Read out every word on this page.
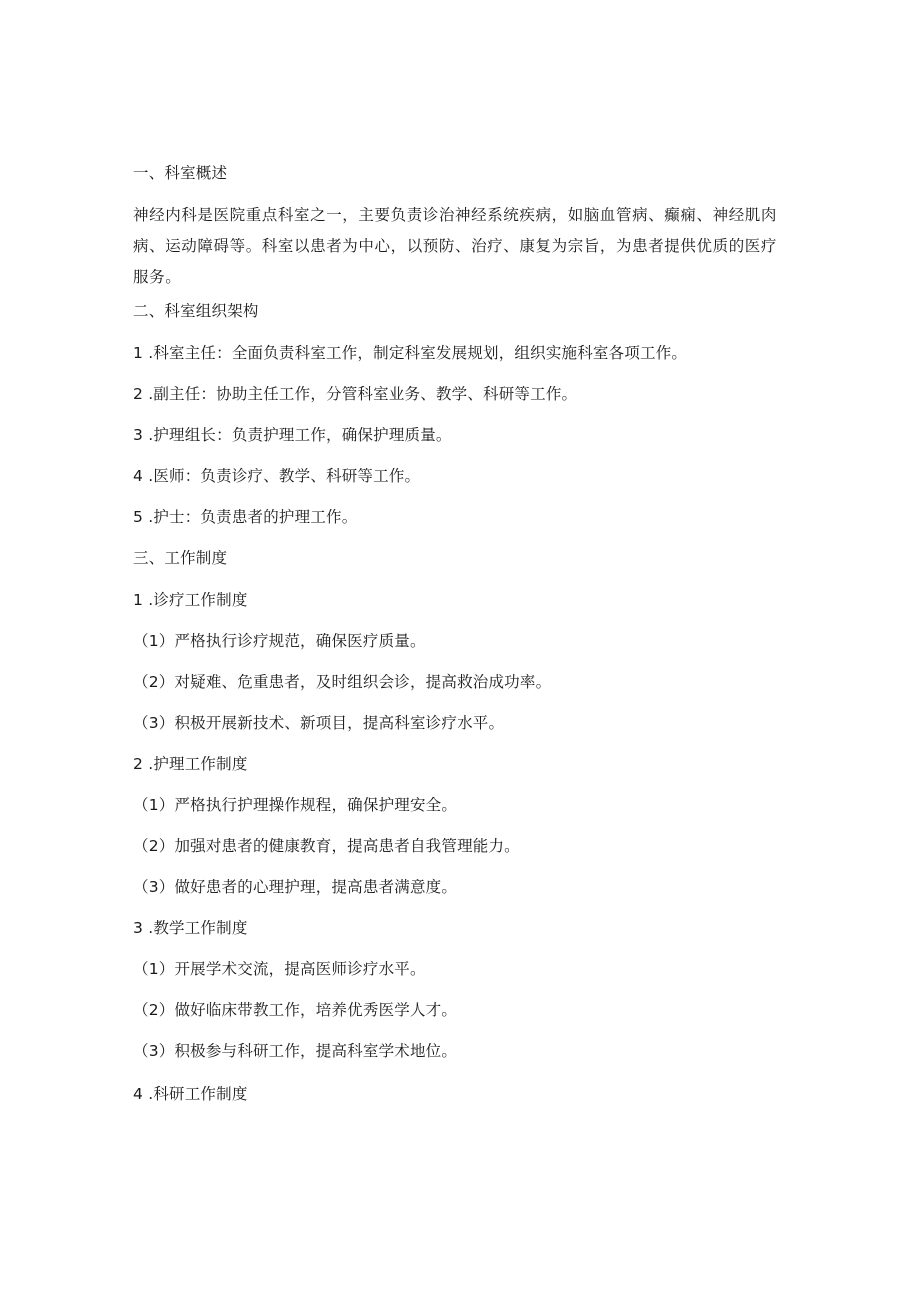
一、科室概述
神经内科是医院重点科室之一，主要负责诊治神经系统疾病，如脑血管病、癫痫、神经肌肉病、运动障碍等。科室以患者为中心，以预防、治疗、康复为宗旨，为患者提供优质的医疗服务。
二、科室组织架构
1 .科室主任：全面负责科室工作，制定科室发展规划，组织实施科室各项工作。
2 .副主任：协助主任工作，分管科室业务、教学、科研等工作。
3 .护理组长：负责护理工作，确保护理质量。
4 .医师：负责诊疗、教学、科研等工作。
5 .护士：负责患者的护理工作。
三、工作制度
1 .诊疗工作制度
（1）严格执行诊疗规范，确保医疗质量。
（2）对疑难、危重患者，及时组织会诊，提高救治成功率。
（3）积极开展新技术、新项目，提高科室诊疗水平。
2 .护理工作制度
（1）严格执行护理操作规程，确保护理安全。
（2）加强对患者的健康教育，提高患者自我管理能力。
（3）做好患者的心理护理，提高患者满意度。
3 .教学工作制度
（1）开展学术交流，提高医师诊疗水平。
（2）做好临床带教工作，培养优秀医学人才。
（3）积极参与科研工作，提高科室学术地位。
4 .科研工作制度
